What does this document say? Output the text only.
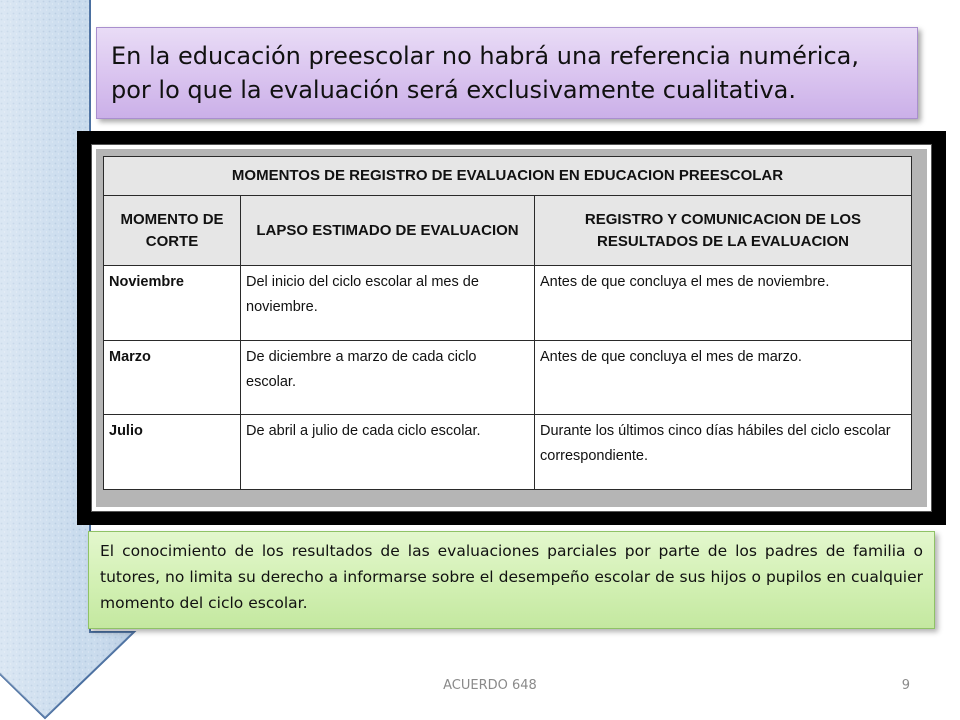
En la educación preescolar no habrá una referencia numérica,
por lo que la evaluación será exclusivamente cualitativa.
MOMENTOS DE REGISTRO DE EVALUACION EN EDUCACION PREESCOLAR		
MOMENTO DE CORTE	LAPSO ESTIMADO DE EVALUACION	REGISTRO Y COMUNICACION DE LOS RESULTADOS DE LA EVALUACION
Noviembre	Del inicio del ciclo escolar al mes de noviembre.	Antes de que concluya el mes de noviembre.
Marzo	De diciembre a marzo de cada ciclo escolar.	Antes de que concluya el mes de marzo.
Julio	De abril a julio de cada ciclo escolar.	Durante los últimos cinco días hábiles del ciclo escolar correspondiente.
El conocimiento de los resultados de las evaluaciones parciales por parte de los padres de familia o tutores, no limita su derecho a informarse sobre el desempeño escolar de sus hijos o pupilos en cualquier momento del ciclo escolar.
ACUERDO 648	9
